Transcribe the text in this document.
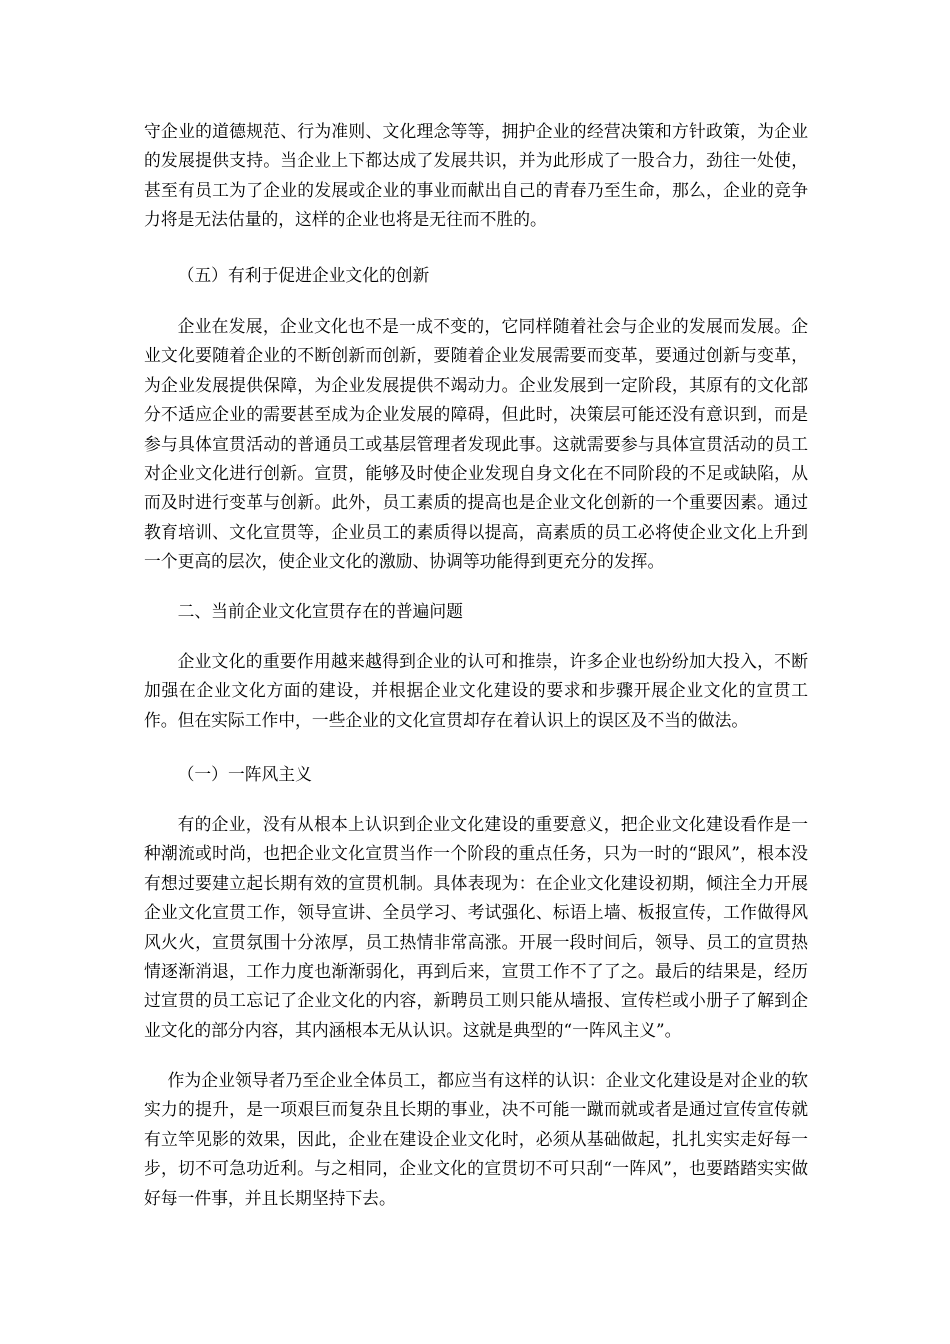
守企业的道德规范、行为准则、文化理念等等，拥护企业的经营决策和方针政策，为企业的发展提供支持。当企业上下都达成了发展共识，并为此形成了一股合力，劲往一处使，甚至有员工为了企业的发展或企业的事业而献出自己的青春乃至生命，那么，企业的竞争力将是无法估量的，这样的企业也将是无往而不胜的。

（五）有利于促进企业文化的创新

企业在发展，企业文化也不是一成不变的，它同样随着社会与企业的发展而发展。企业文化要随着企业的不断创新而创新，要随着企业发展需要而变革，要通过创新与变革，为企业发展提供保障，为企业发展提供不竭动力。企业发展到一定阶段，其原有的文化部分不适应企业的需要甚至成为企业发展的障碍，但此时，决策层可能还没有意识到，而是参与具体宣贯活动的普通员工或基层管理者发现此事。这就需要参与具体宣贯活动的员工对企业文化进行创新。宣贯，能够及时使企业发现自身文化在不同阶段的不足或缺陷，从而及时进行变革与创新。此外，员工素质的提高也是企业文化创新的一个重要因素。通过教育培训、文化宣贯等，企业员工的素质得以提高，高素质的员工必将使企业文化上升到一个更高的层次，使企业文化的激励、协调等功能得到更充分的发挥。

二、当前企业文化宣贯存在的普遍问题

企业文化的重要作用越来越得到企业的认可和推崇，许多企业也纷纷加大投入，不断加强在企业文化方面的建设，并根据企业文化建设的要求和步骤开展企业文化的宣贯工作。但在实际工作中，一些企业的文化宣贯却存在着认识上的误区及不当的做法。

（一）一阵风主义

有的企业，没有从根本上认识到企业文化建设的重要意义，把企业文化建设看作是一种潮流或时尚，也把企业文化宣贯当作一个阶段的重点任务，只为一时的“跟风”，根本没有想过要建立起长期有效的宣贯机制。具体表现为：在企业文化建设初期，倾注全力开展企业文化宣贯工作，领导宣讲、全员学习、考试强化、标语上墙、板报宣传，工作做得风风火火，宣贯氛围十分浓厚，员工热情非常高涨。开展一段时间后，领导、员工的宣贯热情逐渐消退，工作力度也渐渐弱化，再到后来，宣贯工作不了了之。最后的结果是，经历过宣贯的员工忘记了企业文化的内容，新聘员工则只能从墙报、宣传栏或小册子了解到企业文化的部分内容，其内涵根本无从认识。这就是典型的“一阵风主义”。

作为企业领导者乃至企业全体员工，都应当有这样的认识：企业文化建设是对企业的软实力的提升，是一项艰巨而复杂且长期的事业，决不可能一蹴而就或者是通过宣传宣传就有立竿见影的效果，因此，企业在建设企业文化时，必须从基础做起，扎扎实实走好每一步，切不可急功近利。与之相同，企业文化的宣贯切不可只刮“一阵风”，也要踏踏实实做好每一件事，并且长期坚持下去。
